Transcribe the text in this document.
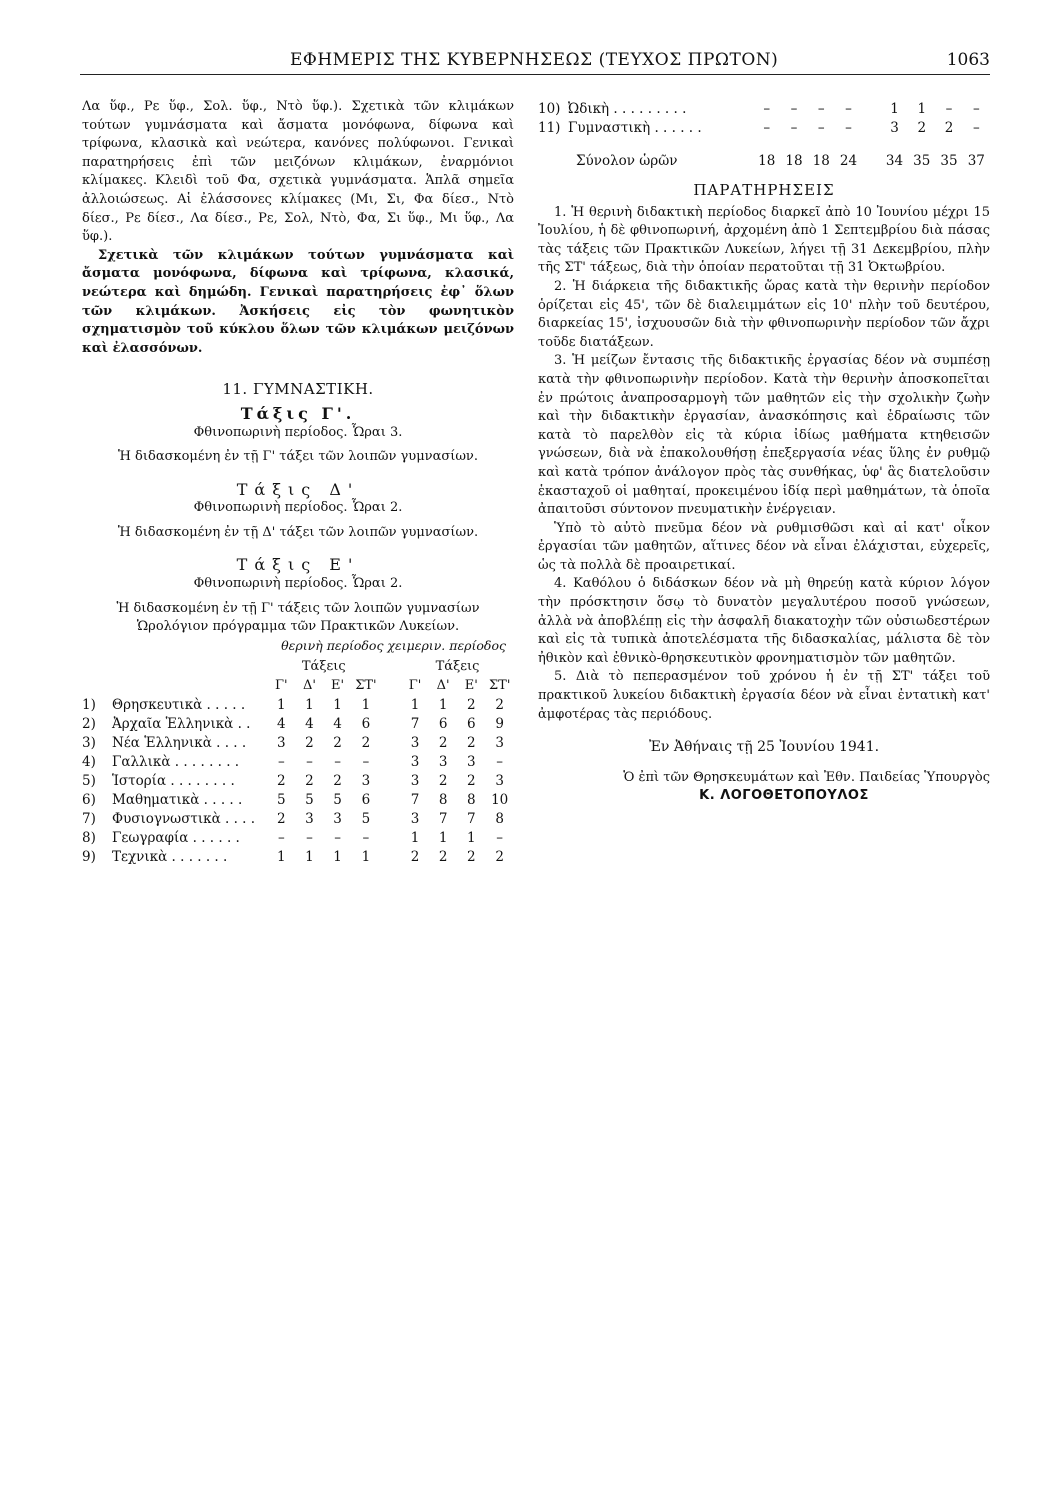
ΕΦΗΜΕΡΙΣ ΤΗΣ ΚΥΒΕΡΝΗΣΕΩΣ (ΤΕΥΧΟΣ ΠΡΩΤΟΝ)	1063

Λα ὕφ., Ρε ὕφ., Σολ. ὕφ., Ντὸ ὕφ.). Σχετικὰ τῶν κλιμάκων τούτων γυμνάσματα καὶ ἄσματα μονόφωνα, δίφωνα καὶ τρίφωνα, κλασικὰ καὶ νεώτερα, κανόνες πολύφωνοι. Γενικαὶ παρατηρήσεις ἐπὶ τῶν μειζόνων κλιμάκων, ἐναρμόνιοι κλίμακες. Κλειδὶ τοῦ Φα, σχετικὰ γυμνάσματα. Ἁπλᾶ σημεῖα ἀλλοιώσεως. Αἱ ἐλάσσονες κλίμακες (Μι, Σι, Φα δίεσ., Ντὸ δίεσ., Ρε δίεσ., Λα δίεσ., Ρε, Σολ, Ντὸ, Φα, Σι ὕφ., Μι ὕφ., Λα ὕφ.).

Σχετικὰ τῶν κλιμάκων τούτων γυμνάσματα καὶ ἄσματα μονόφωνα, δίφωνα καὶ τρίφωνα, κλασικά, νεώτερα καὶ δημώδη. Γενικαὶ παρατηρήσεις ἐφ᾽ ὅλων τῶν κλιμάκων. Ἀσκήσεις εἰς τὸν φωνητικὸν σχηματισμὸν τοῦ κύκλου ὅλων τῶν κλιμάκων μειζόνων καὶ ἐλασσόνων.

11. ΓΥΜΝΑΣΤΙΚΗ.
Τάξις Γ'.
Φθινοπωρινὴ περίοδος. Ὧραι 3.
Ἡ διδασκομένη ἐν τῇ Γ' τάξει τῶν λοιπῶν γυμνασίων.
Τάξις Δ'
Φθινοπωρινὴ περίοδος. Ὧραι 2.
Ἡ διδασκομένη ἐν τῇ Δ' τάξει τῶν λοιπῶν γυμνασίων.
Τάξις Ε'
Φθινοπωρινὴ περίοδος. Ὧραι 2.
Ἡ διδασκομένη ἐν τῇ Γ' τάξεις τῶν λοιπῶν γυμνασίων
Ὡρολόγιον πρόγραμμα τῶν Πρακτικῶν Λυκείων.
θερινὴ περίοδος χειμεριν. περίοδος
	Τάξεις					Τάξεις			
	Γ'	Δ'	Ε'	ΣΤ'		Γ'	Δ'	Ε'	ΣΤ'
1) Θρησκευτικὰ . . . . .	1	1	1	1		1	1	2	2
2) Ἀρχαῖα Ἑλληνικὰ . .	4	4	4	6		7	6	6	9
3) Νέα Ἑλληνικὰ . . . .	3	2	2	2		3	2	2	3
4) Γαλλικὰ . . . . . . . .	–	–	–	–		3	3	3	–
5) Ἱστορία . . . . . . . .	2	2	2	3		3	2	2	3
6) Μαθηματικὰ . . . . .	5	5	5	6		7	8	8	10
7) Φυσιογνωστικὰ . . . .	2	3	3	5		3	7	7	8
8) Γεωγραφία . . . . . .	–	–	–	–		1	1	1	–
9) Τεχνικὰ . . . . . . .	1	1	1	1		2	2	2	2
10) Ὠδικὴ . . . . . . . . .	–	–	–	–		1	1	–	–
11) Γυμναστικὴ . . . . . .	–	–	–	–		3	2	2	–
Σύνολον ὡρῶν	18	18	18	24		34	35	35	37
ΠΑΡΑΤΗΡΗΣΕΙΣ

1. Ἡ θερινὴ διδακτικὴ περίοδος διαρκεῖ ἀπὸ 10 Ἰουνίου μέχρι 15 Ἰουλίου, ἡ δὲ φθινοπωρινή, ἀρχομένη ἀπὸ 1 Σεπτεμβρίου διὰ πάσας τὰς τάξεις τῶν Πρακτικῶν Λυκείων, λήγει τῇ 31 Δεκεμβρίου, πλὴν τῆς ΣΤ' τάξεως, διὰ τὴν ὁποίαν περατοῦται τῇ 31 Ὀκτωβρίου.

2. Ἡ διάρκεια τῆς διδακτικῆς ὥρας κατὰ τὴν θερινὴν περίοδον ὁρίζεται εἰς 45', τῶν δὲ διαλειμμάτων εἰς 10' πλὴν τοῦ δευτέρου, διαρκείας 15', ἰσχυουσῶν διὰ τὴν φθινοπωρινὴν περίοδον τῶν ἄχρι τοῦδε διατάξεων.

3. Ἡ μείζων ἔντασις τῆς διδακτικῆς ἐργασίας δέον νὰ συμπέσῃ κατὰ τὴν φθινοπωρινὴν περίοδον. Κατὰ τὴν θερινὴν ἀποσκοπεῖται ἐν πρώτοις ἀναπροσαρμογὴ τῶν μαθητῶν εἰς τὴν σχολικὴν ζωὴν καὶ τὴν διδακτικὴν ἐργασίαν, ἀνασκόπησις καὶ ἑδραίωσις τῶν κατὰ τὸ παρελθὸν εἰς τὰ κύρια ἰδίως μαθήματα κτηθεισῶν γνώσεων, διὰ νὰ ἐπακολουθήσῃ ἐπεξεργασία νέας ὕλης ἐν ρυθμῷ καὶ κατὰ τρόπον ἀνάλογον πρὸς τὰς συνθήκας, ὑφ' ἃς διατελοῦσιν ἑκασταχοῦ οἱ μαθηταί, προκειμένου ἰδίᾳ περὶ μαθημάτων, τὰ ὁποῖα ἀπαιτοῦσι σύντονον πνευματικὴν ἐνέργειαν.

Ὑπὸ τὸ αὐτὸ πνεῦμα δέον νὰ ρυθμισθῶσι καὶ αἱ κατ' οἶκον ἐργασίαι τῶν μαθητῶν, αἵτινες δέον νὰ εἶναι ἐλάχισται, εὐχερεῖς, ὡς τὰ πολλὰ δὲ προαιρετικαί.

4. Καθόλου ὁ διδάσκων δέον νὰ μὴ θηρεύῃ κατὰ κύριον λόγον τὴν πρόσκτησιν ὅσῳ τὸ δυνατὸν μεγαλυτέρου ποσοῦ γνώσεων, ἀλλὰ νὰ ἀποβλέπῃ εἰς τὴν ἀσφαλῆ διακατοχὴν τῶν οὐσιωδεστέρων καὶ εἰς τὰ τυπικὰ ἀποτελέσματα τῆς διδασκαλίας, μάλιστα δὲ τὸν ἠθικὸν καὶ ἐθνικὸ-θρησκευτικὸν φρονηματισμὸν τῶν μαθητῶν.

5. Διὰ τὸ πεπερασμένον τοῦ χρόνου ἡ ἐν τῇ ΣΤ' τάξει τοῦ πρακτικοῦ λυκείου διδακτικὴ ἐργασία δέον νὰ εἶναι ἐντατικὴ κατ' ἀμφοτέρας τὰς περιόδους.

Ἐν Ἀθήναις τῇ 25 Ἰουνίου 1941.
Ὁ ἐπὶ τῶν Θρησκευμάτων καὶ Ἐθν. Παιδείας Ὑπουργὸς
Κ. ΛΟΓΟΘΕΤΟΠΟΥΛΟΣ
